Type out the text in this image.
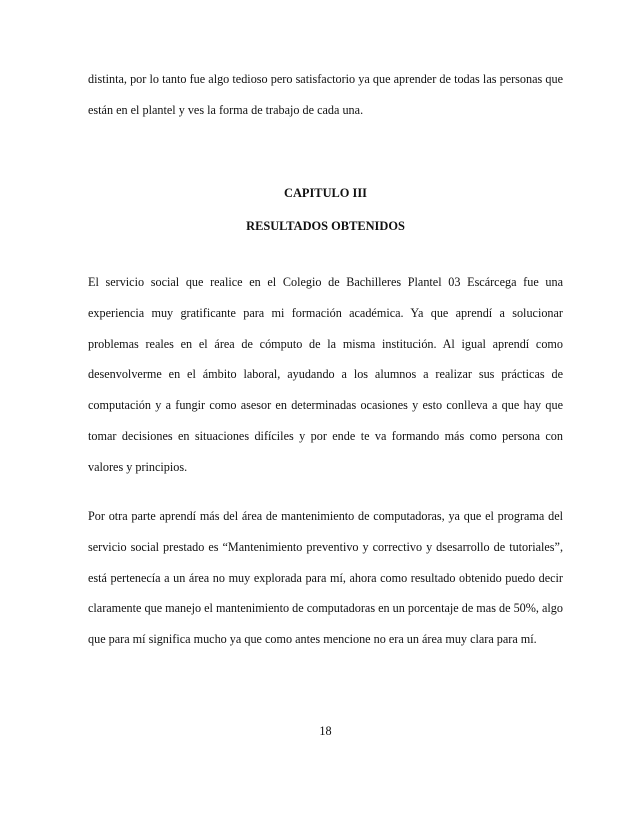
distinta, por lo tanto fue algo tedioso pero satisfactorio ya que aprender de todas las personas que están en el plantel y ves la forma de trabajo de cada una.

CAPITULO III
RESULTADOS OBTENIDOS

El servicio social que realice en el Colegio de Bachilleres Plantel 03 Escárcega fue una experiencia muy gratificante para mi formación académica. Ya que aprendí a solucionar problemas reales en el área de cómputo de la misma institución. Al igual aprendí como desenvolverme en el ámbito laboral, ayudando a los alumnos a realizar sus prácticas de computación y a fungir como asesor en determinadas ocasiones y esto conlleva a que hay que tomar decisiones en situaciones difíciles y por ende te va formando más como persona con valores y principios.

Por otra parte aprendí más del área de mantenimiento de computadoras, ya que el programa del servicio social prestado es “Mantenimiento preventivo y correctivo y dsesarrollo de tutoriales”, está pertenecía a un área no muy explorada para mí, ahora como resultado obtenido puedo decir claramente que manejo el mantenimiento de computadoras en un porcentaje de mas de 50%, algo que para mí significa mucho ya que como antes mencione no era un área muy clara para mí.

18
